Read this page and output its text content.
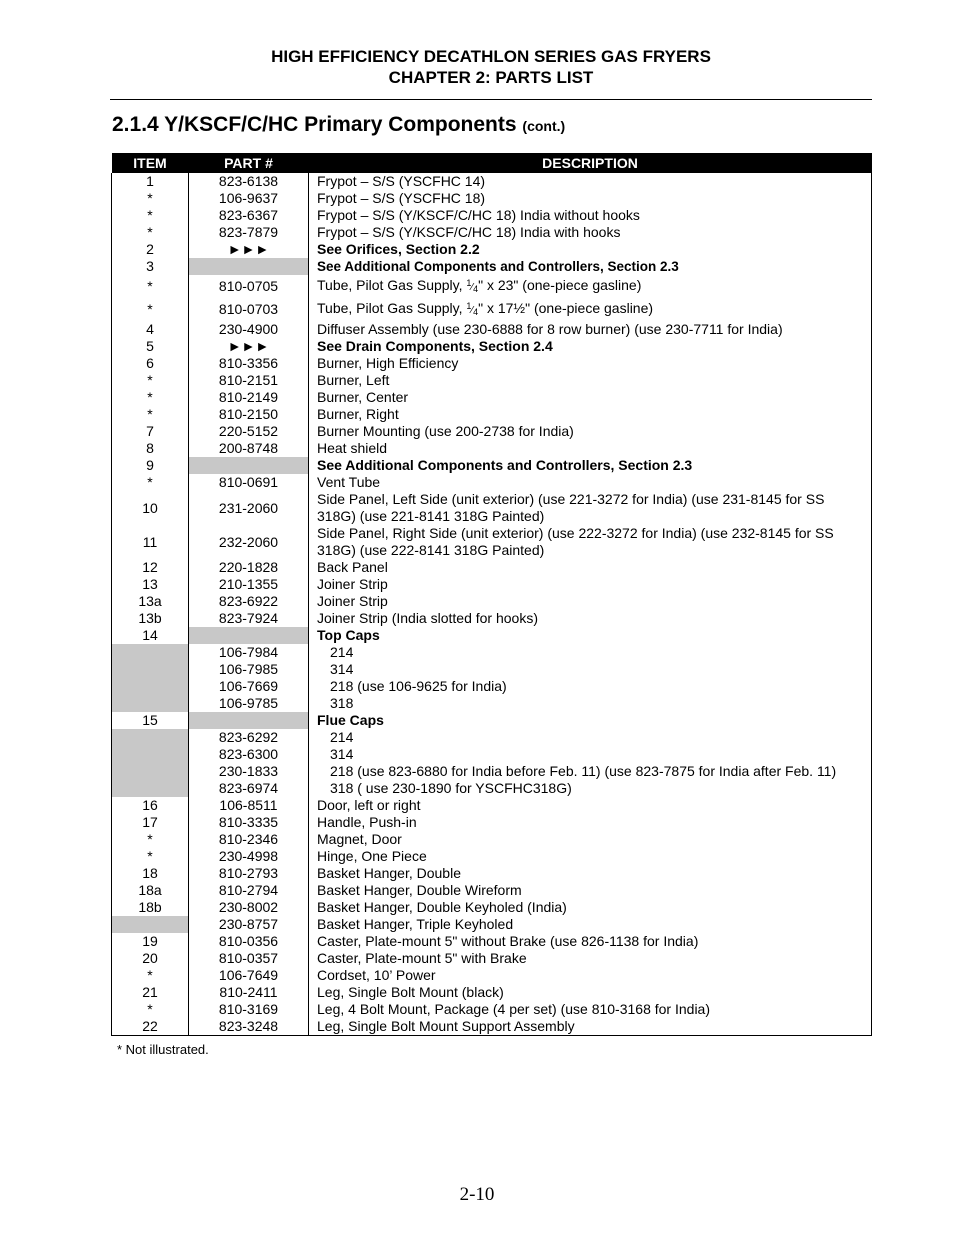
HIGH EFFICIENCY DECATHLON SERIES GAS FRYERS
CHAPTER 2: PARTS LIST
2.1.4 Y/KSCF/C/HC Primary Components (cont.)
ITEM	PART #	DESCRIPTION
1	823-6138	Frypot – S/S (YSCFHC 14)

*	106-9637	Frypot – S/S (YSCFHC 18)

*	823-6367	Frypot – S/S (Y/KSCF/C/HC 18) India without hooks

*	823-7879	Frypot – S/S (Y/KSCF/C/HC 18) India with hooks

2	►►►	See Orifices, Section 2.2

3		See Additional Components and Controllers, Section 2.3

*	810-0705	Tube, Pilot Gas Supply, $^1⁄_4$" x 23" (one-piece gasline)

*	810-0703	Tube, Pilot Gas Supply, $^1⁄_4$" x 17½" (one-piece gasline)

4	230-4900	Diffuser Assembly (use 230-6888 for 8 row burner) (use 230-7711 for India)

5	►►►	See Drain Components, Section 2.4

6	810-3356	Burner, High Efficiency

*	810-2151	Burner, Left

*	810-2149	Burner, Center

*	810-2150	Burner, Right

7	220-5152	Burner Mounting (use 200-2738 for India)

8	200-8748	Heat shield

9		See Additional Components and Controllers, Section 2.3

*	810-0691	Vent Tube

10	231-2060	Side Panel, Left Side (unit exterior) (use 221-3272 for India) (use 231-8145 for SS 318G) (use 221-8141 318G Painted)

11	232-2060	Side Panel, Right Side (unit exterior) (use 222-3272 for India) (use 232-8145 for SS 318G) (use 222-8141 318G Painted)

12	220-1828	Back Panel

13	210-1355	Joiner Strip

13a	823-6922	Joiner Strip

13b	823-7924	Joiner Strip (India slotted for hooks)

14		Top Caps

	106-7984	214

	106-7985	314

	106-7669	218 (use 106-9625 for India)

	106-9785	318

15		Flue Caps

	823-6292	214

	823-6300	314

	230-1833	218 (use 823-6880 for India before Feb. 11) (use 823-7875 for India after Feb. 11)

	823-6974	318 ( use 230-1890 for YSCFHC318G)

16	106-8511	Door, left or right

17	810-3335	Handle, Push-in

*	810-2346	Magnet, Door

*	230-4998	Hinge, One Piece

18	810-2793	Basket Hanger, Double

18a	810-2794	Basket Hanger, Double Wireform

18b	230-8002	Basket Hanger, Double Keyholed (India)

	230-8757	Basket Hanger, Triple Keyholed

19	810-0356	Caster, Plate-mount 5" without Brake (use 826-1138 for India)

20	810-0357	Caster, Plate-mount 5" with Brake

*	106-7649	Cordset, 10’ Power

21	810-2411	Leg, Single Bolt Mount (black)

*	810-3169	Leg, 4 Bolt Mount, Package (4 per set) (use 810-3168 for India)

22	823-3248	Leg, Single Bolt Mount Support Assembly
* Not illustrated.
2-10
